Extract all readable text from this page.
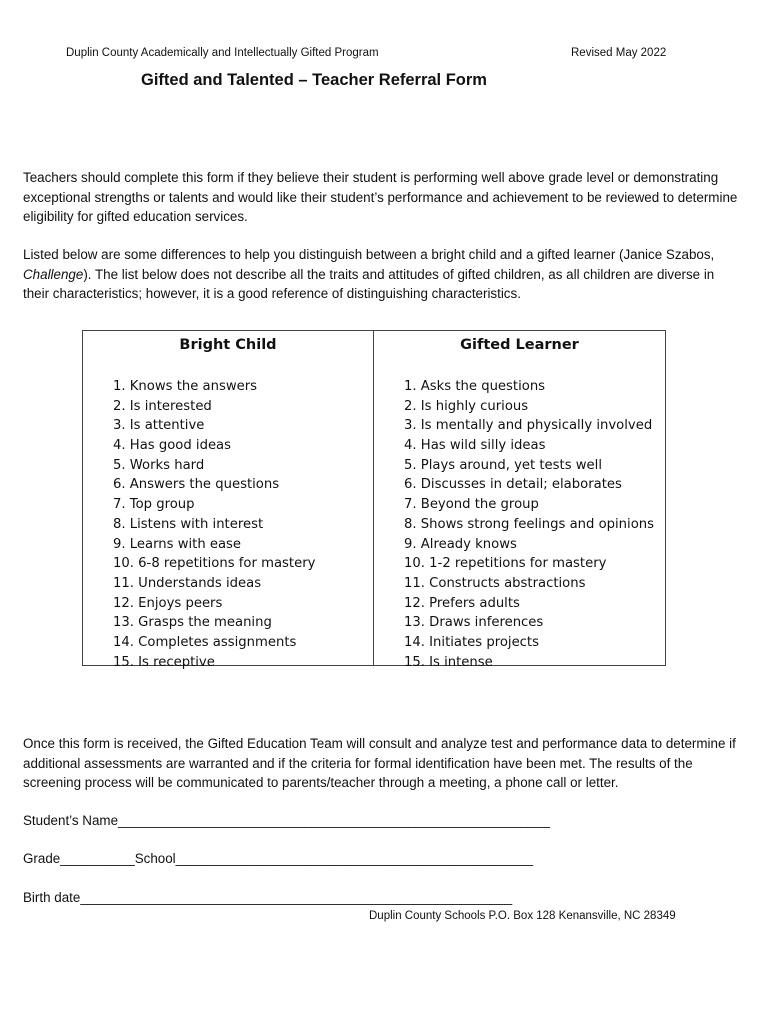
Duplin County Academically and Intellectually Gifted Program	Revised May 2022
Gifted and Talented – Teacher Referral Form
Teachers should complete this form if they believe their student is performing well above grade level or demonstrating exceptional strengths or talents and would like their student’s performance and achievement to be reviewed to determine eligibility for gifted education services.
Listed below are some differences to help you distinguish between a bright child and a gifted learner (Janice Szabos, Challenge). The list below does not describe all the traits and attitudes of gifted children, as all children are diverse in their characteristics; however, it is a good reference of distinguishing characteristics.
Bright Child
1. Knows the answers
2. Is interested
3. Is attentive
4. Has good ideas
5. Works hard
6. Answers the questions
7. Top group
8. Listens with interest
9. Learns with ease
10. 6-8 repetitions for mastery
11. Understands ideas
12. Enjoys peers
13. Grasps the meaning
14. Completes assignments
15. Is receptive
Gifted Learner
1. Asks the questions
2. Is highly curious
3. Is mentally and physically involved
4. Has wild silly ideas
5. Plays around, yet tests well
6. Discusses in detail; elaborates
7. Beyond the group
8. Shows strong feelings and opinions
9. Already knows
10. 1-2 repetitions for mastery
11. Constructs abstractions
12. Prefers adults
13. Draws inferences
14. Initiates projects
15. Is intense
Once this form is received, the Gifted Education Team will consult and analyze test and performance data to determine if additional assessments are warranted and if the criteria for formal identification have been met. The results of the screening process will be communicated to parents/teacher through a meeting, a phone call or letter.
Student’s Name__________________________________________________________
Grade__________School________________________________________________
Birth date__________________________________________________________
Duplin County Schools P.O. Box 128 Kenansville, NC 28349
